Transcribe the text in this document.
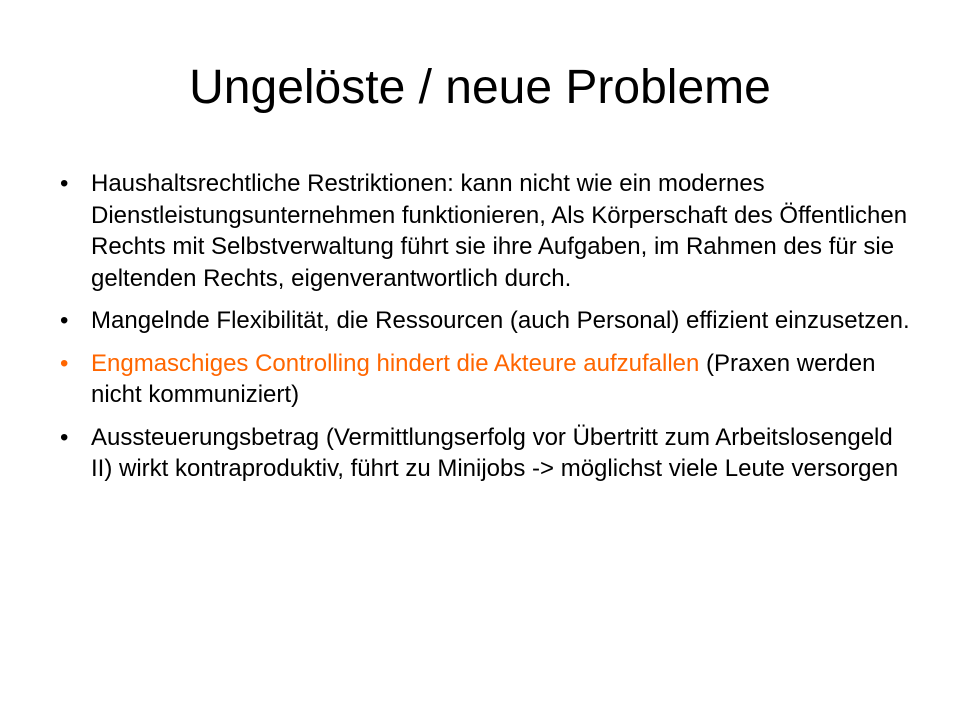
Ungelöste / neue Probleme
• Haushaltsrechtliche Restriktionen: kann nicht wie ein modernes Dienstleistungsunternehmen funktionieren, Als Körperschaft des Öffentlichen Rechts mit Selbstverwaltung führt sie ihre Aufgaben, im Rahmen des für sie geltenden Rechts, eigenverantwortlich durch.
• Mangelnde Flexibilität, die Ressourcen (auch Personal) effizient einzusetzen.
• Engmaschiges Controlling hindert die Akteure aufzufallen (Praxen werden nicht kommuniziert)
• Aussteuerungsbetrag (Vermittlungserfolg vor Übertritt zum Arbeitslosengeld II) wirkt kontraproduktiv, führt zu Minijobs -> möglichst viele Leute versorgen
